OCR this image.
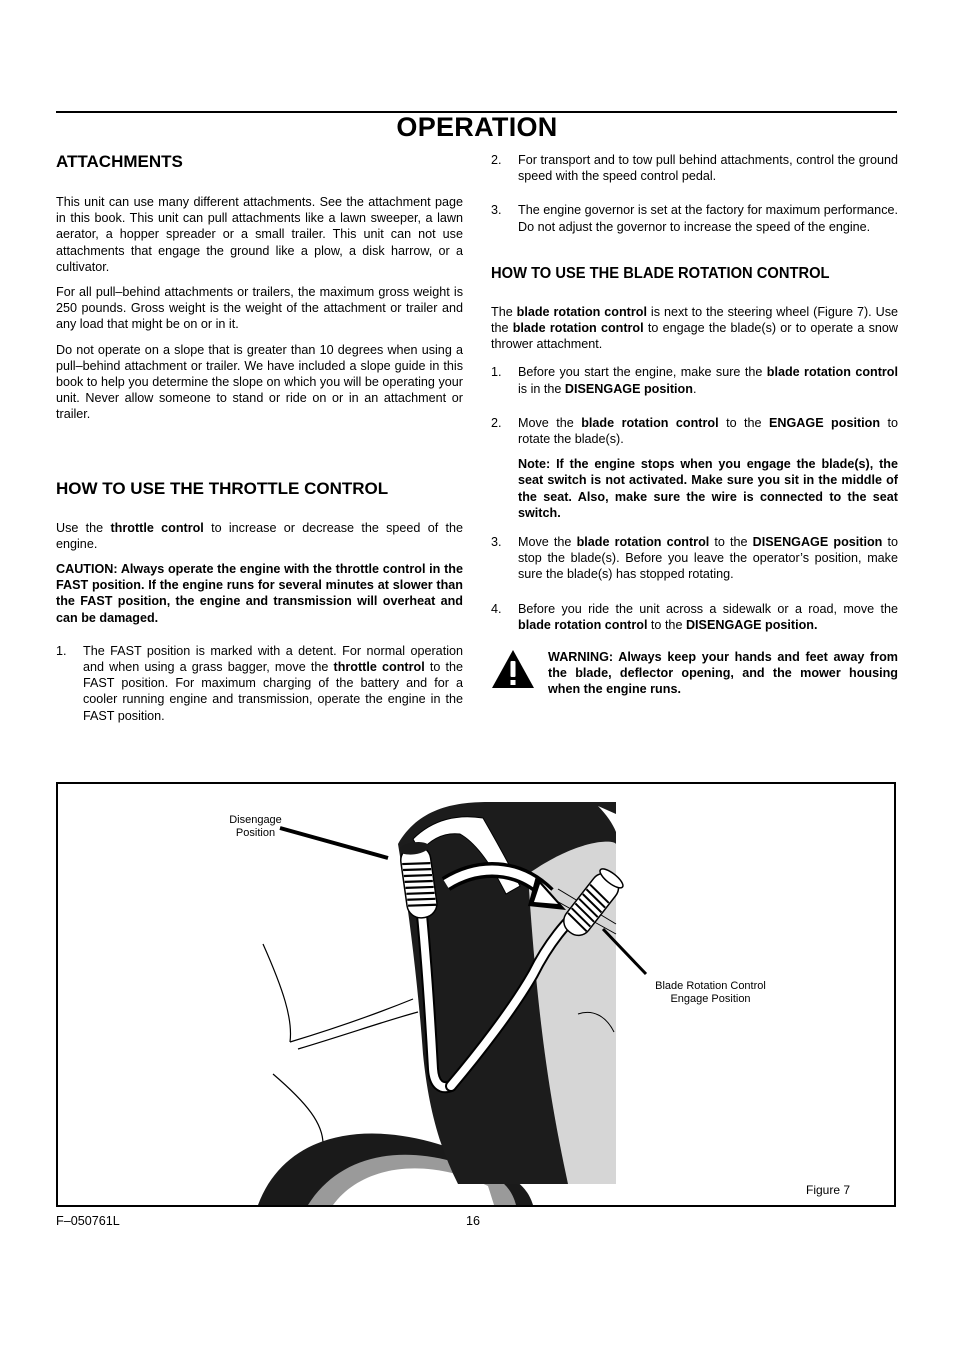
OPERATION
ATTACHMENTS

This unit can use many different attachments. See the attachment page in this book. This unit can pull attachments like a lawn sweeper, a lawn aerator, a hopper spreader or a small trailer. This unit can not use attachments that engage the ground like a plow, a disk harrow, or a cultivator.

For all pull–behind attachments or trailers, the maximum gross weight is 250 pounds. Gross weight is the weight of the attachment or trailer and any load that might be on or in it.

Do not operate on a slope that is greater than 10 degrees when using a pull–behind attachment or trailer. We have included a slope guide in this book to help you determine the slope on which you will be operating your unit. Never allow someone to stand or ride on or in an attachment or trailer.

HOW TO USE THE THROTTLE CONTROL

Use the throttle control to increase or decrease the speed of the engine.

CAUTION: Always operate the engine with the throttle control in the FAST position. If the engine runs for several minutes at slower than the FAST position, the engine and transmission will overheat and can be damaged.

1. The FAST position is marked with a detent. For normal operation and when using a grass bagger, move the throttle control to the FAST position. For maximum charging of the battery and for a cooler running engine and transmission, operate the engine in the FAST position.
2. For transport and to tow pull behind attachments, control the ground speed with the speed control pedal.
3. The engine governor is set at the factory for maximum performance. Do not adjust the governor to increase the speed of the engine.
HOW TO USE THE BLADE ROTATION CONTROL

The blade rotation control is next to the steering wheel (Figure 7). Use the blade rotation control to engage the blade(s) or to operate a snow thrower attachment.

1. Before you start the engine, make sure the blade rotation control is in the DISENGAGE position.
2. Move the blade rotation control to the ENGAGE position to rotate the blade(s).
Note: If the engine stops when you engage the blade(s), the seat switch is not activated. Make sure you sit in the middle of the seat. Also, make sure the wire is connected to the seat switch.
3. Move the blade rotation control to the DISENGAGE position to stop the blade(s). Before you leave the operator’s position, make sure the blade(s) has stopped rotating.
4. Before you ride the unit across a sidewalk or a road, move the blade rotation control to the DISENGAGE position.
WARNING: Always keep your hands and feet away from the blade, deflector opening, and the mower housing when the engine runs.
Disengage
Position
Blade Rotation Control
Engage Position
Figure 7
F–050761L	16
